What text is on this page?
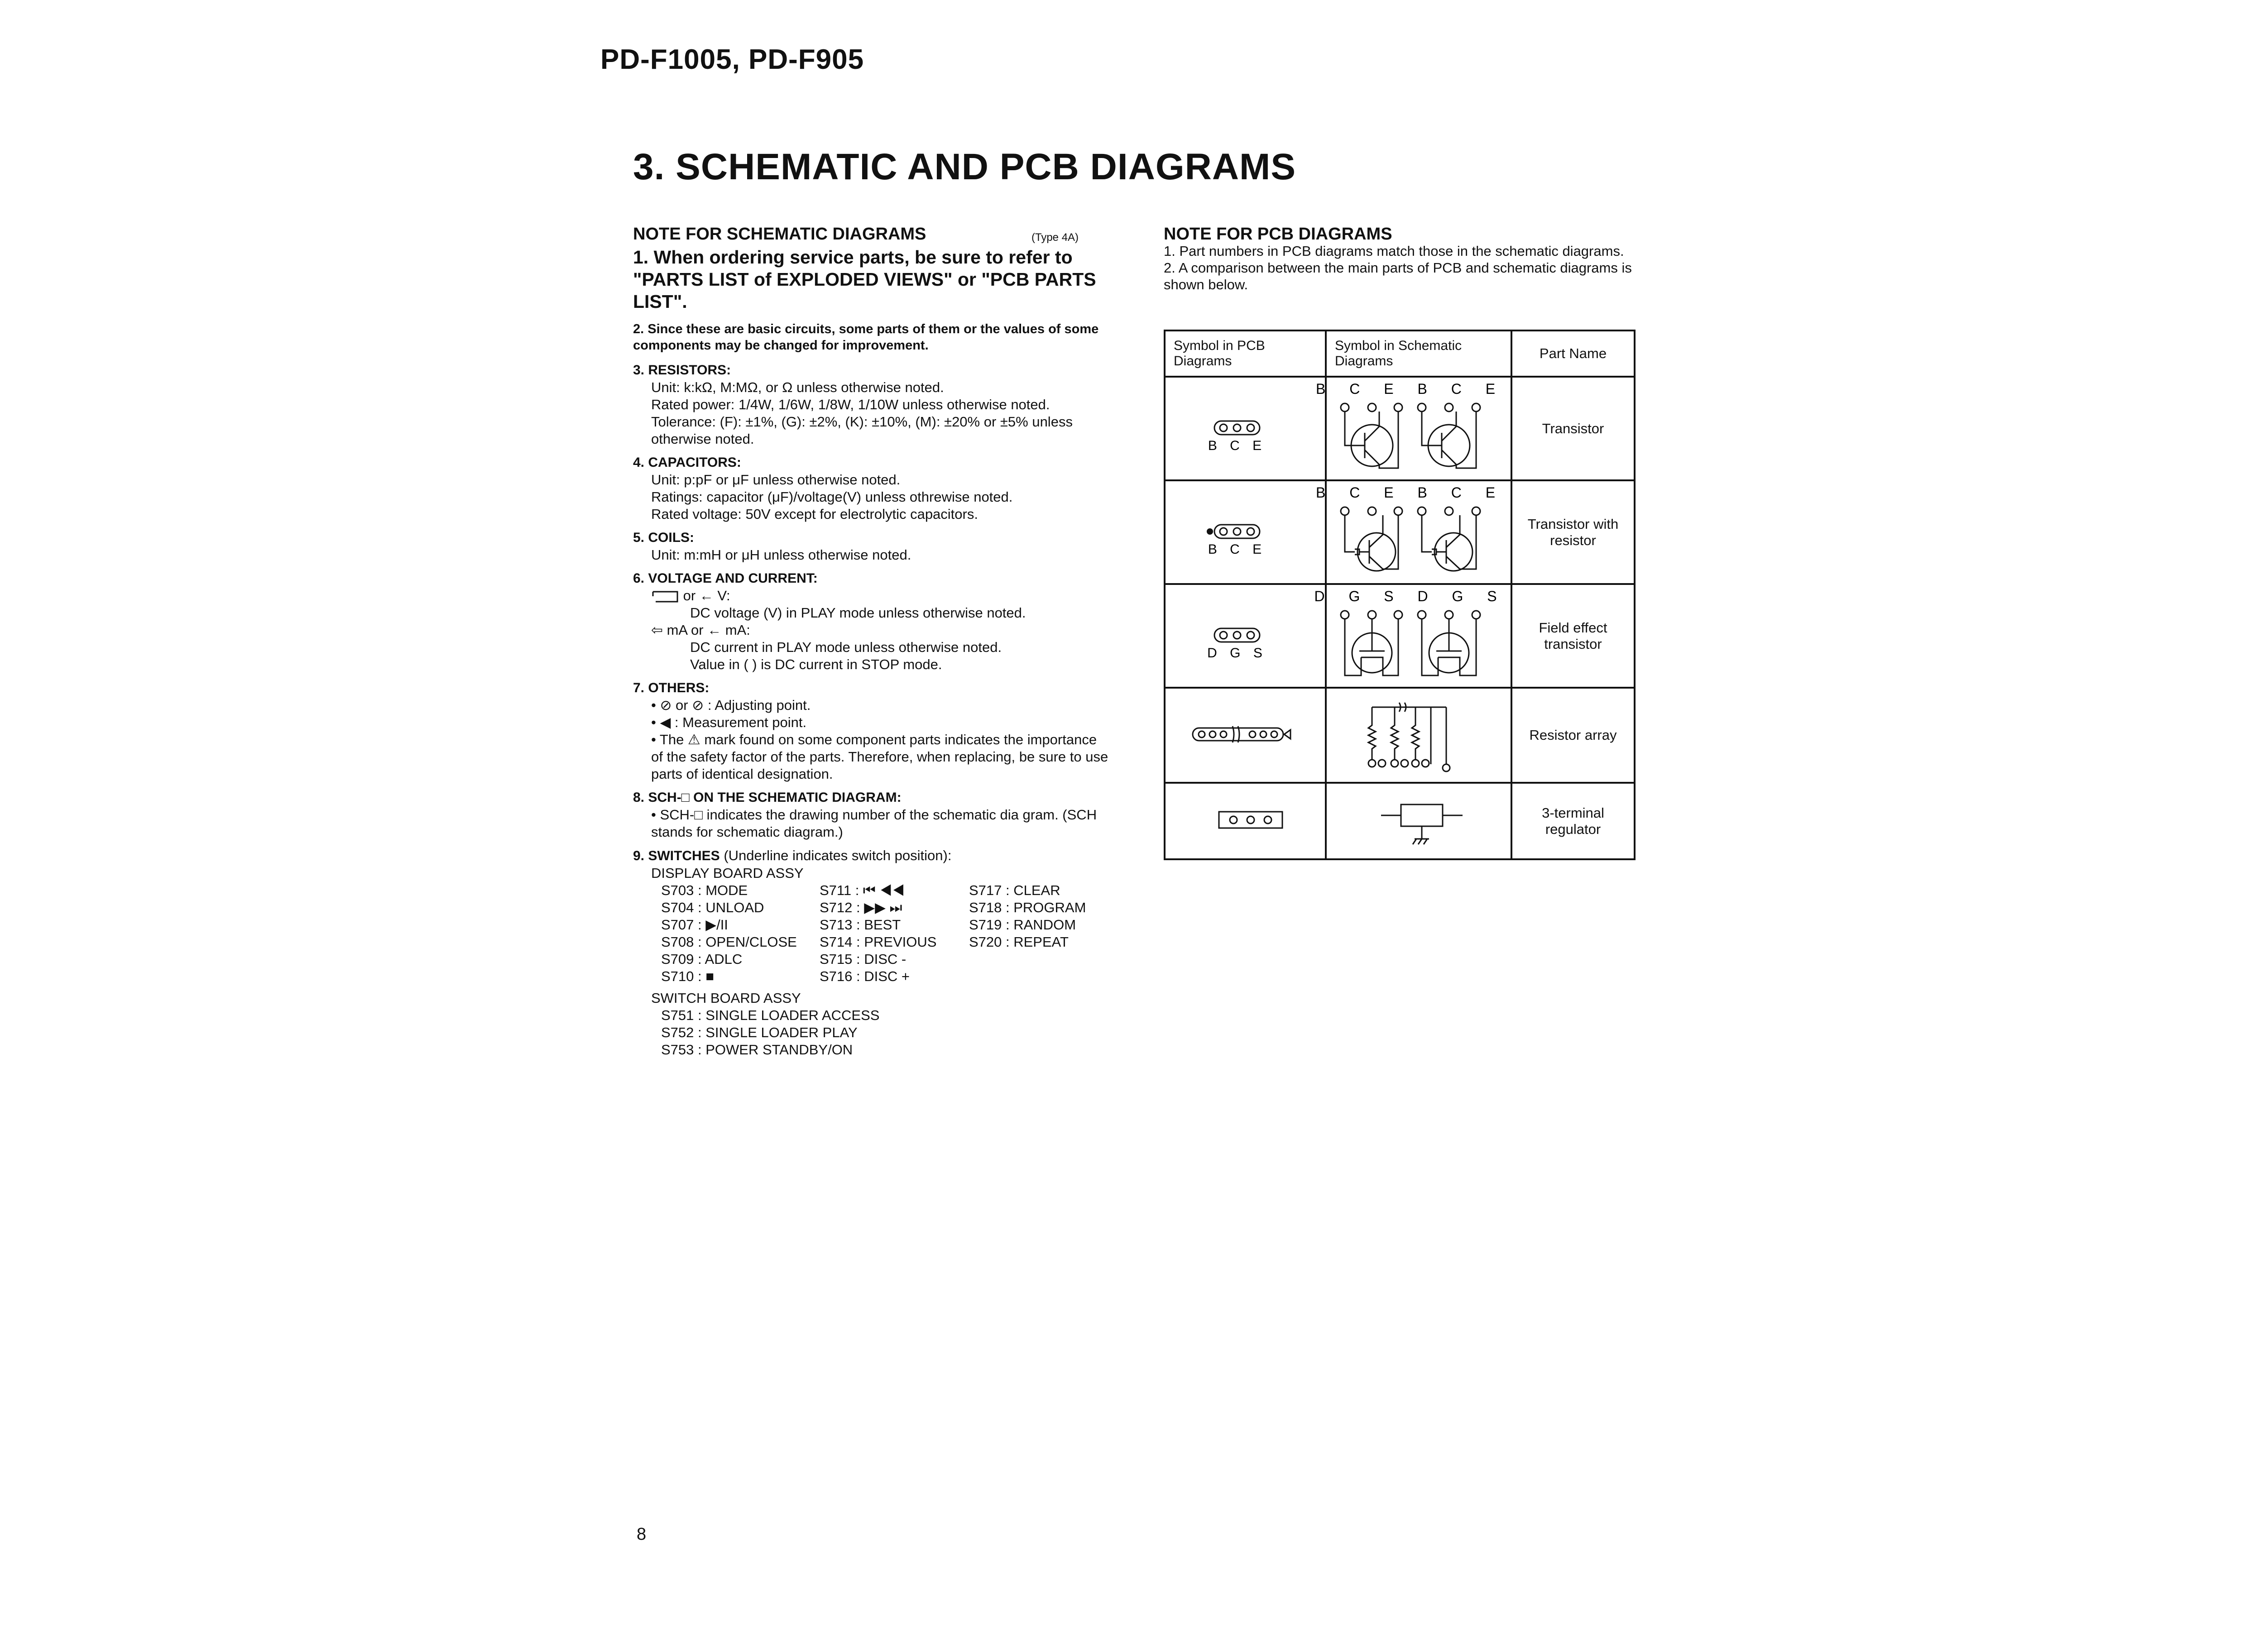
PD-F1005, PD-F905
3. SCHEMATIC AND PCB DIAGRAMS
NOTE FOR SCHEMATIC DIAGRAMS	(Type 4A)
1. When ordering service parts, be sure to refer to "PARTS LIST of EXPLODED VIEWS" or "PCB PARTS LIST".
2. Since these are basic circuits, some parts of them or the values of some components may be changed for improvement.
3. RESISTORS:
Unit: k:kΩ, M:MΩ, or Ω unless otherwise noted.
Rated power: 1/4W, 1/6W, 1/8W, 1/10W unless otherwise noted.
Tolerance: (F): ±1%, (G): ±2%, (K): ±10%, (M): ±20% or ±5% unless otherwise noted.
4. CAPACITORS:
Unit: p:pF or μF unless otherwise noted.
Ratings: capacitor (μF)/voltage(V) unless othrewise noted.
Rated voltage: 50V except for electrolytic capacitors.
5. COILS:
Unit: m:mH or μH unless otherwise noted.
6. VOLTAGE AND CURRENT:
or ← V:
DC voltage (V) in PLAY mode unless otherwise noted.
⇦ mA or ← mA:
DC current in PLAY mode unless otherwise noted.
Value in ( ) is DC current in STOP mode.
7. OTHERS:
• ⊘ or ⊘ : Adjusting point.
• ◀ : Measurement point.
• The ⚠ mark found on some component parts indicates the importance of the safety factor of the parts. Therefore, when replacing, be sure to use parts of identical designation.
8. SCH-□ ON THE SCHEMATIC DIAGRAM:
• SCH-□ indicates the drawing number of the schematic dia gram. (SCH stands for schematic diagram.)
9. SWITCHES (Underline indicates switch position):
DISPLAY BOARD ASSY
S703 : MODE	S711 : ⏮ ◀◀	S717 : CLEAR
S704 : UNLOAD	S712 : ▶▶ ⏭	S718 : PROGRAM
S707 : ▶/II	S713 : BEST	S719 : RANDOM
S708 : OPEN/CLOSE	S714 : PREVIOUS	S720 : REPEAT
S709 : ADLC	S715 : DISC -
S710 : ■	S716 : DISC +
SWITCH BOARD ASSY
S751 : SINGLE LOADER ACCESS
S752 : SINGLE LOADER PLAY
S753 : POWER STANDBY/ON
NOTE FOR PCB DIAGRAMS
1. Part numbers in PCB diagrams match those in the schematic diagrams.
2. A comparison between the main parts of PCB and schematic diagrams is shown below.
Symbol in PCB Diagrams	Symbol in Schematic Diagrams	Part Name

B C E	B C E B C E	Transistor

B C E	B C E B C E	Transistor with resistor

D G S	D G S D G S	Field effect transistor
		Resistor array
		3-terminal regulator
8
